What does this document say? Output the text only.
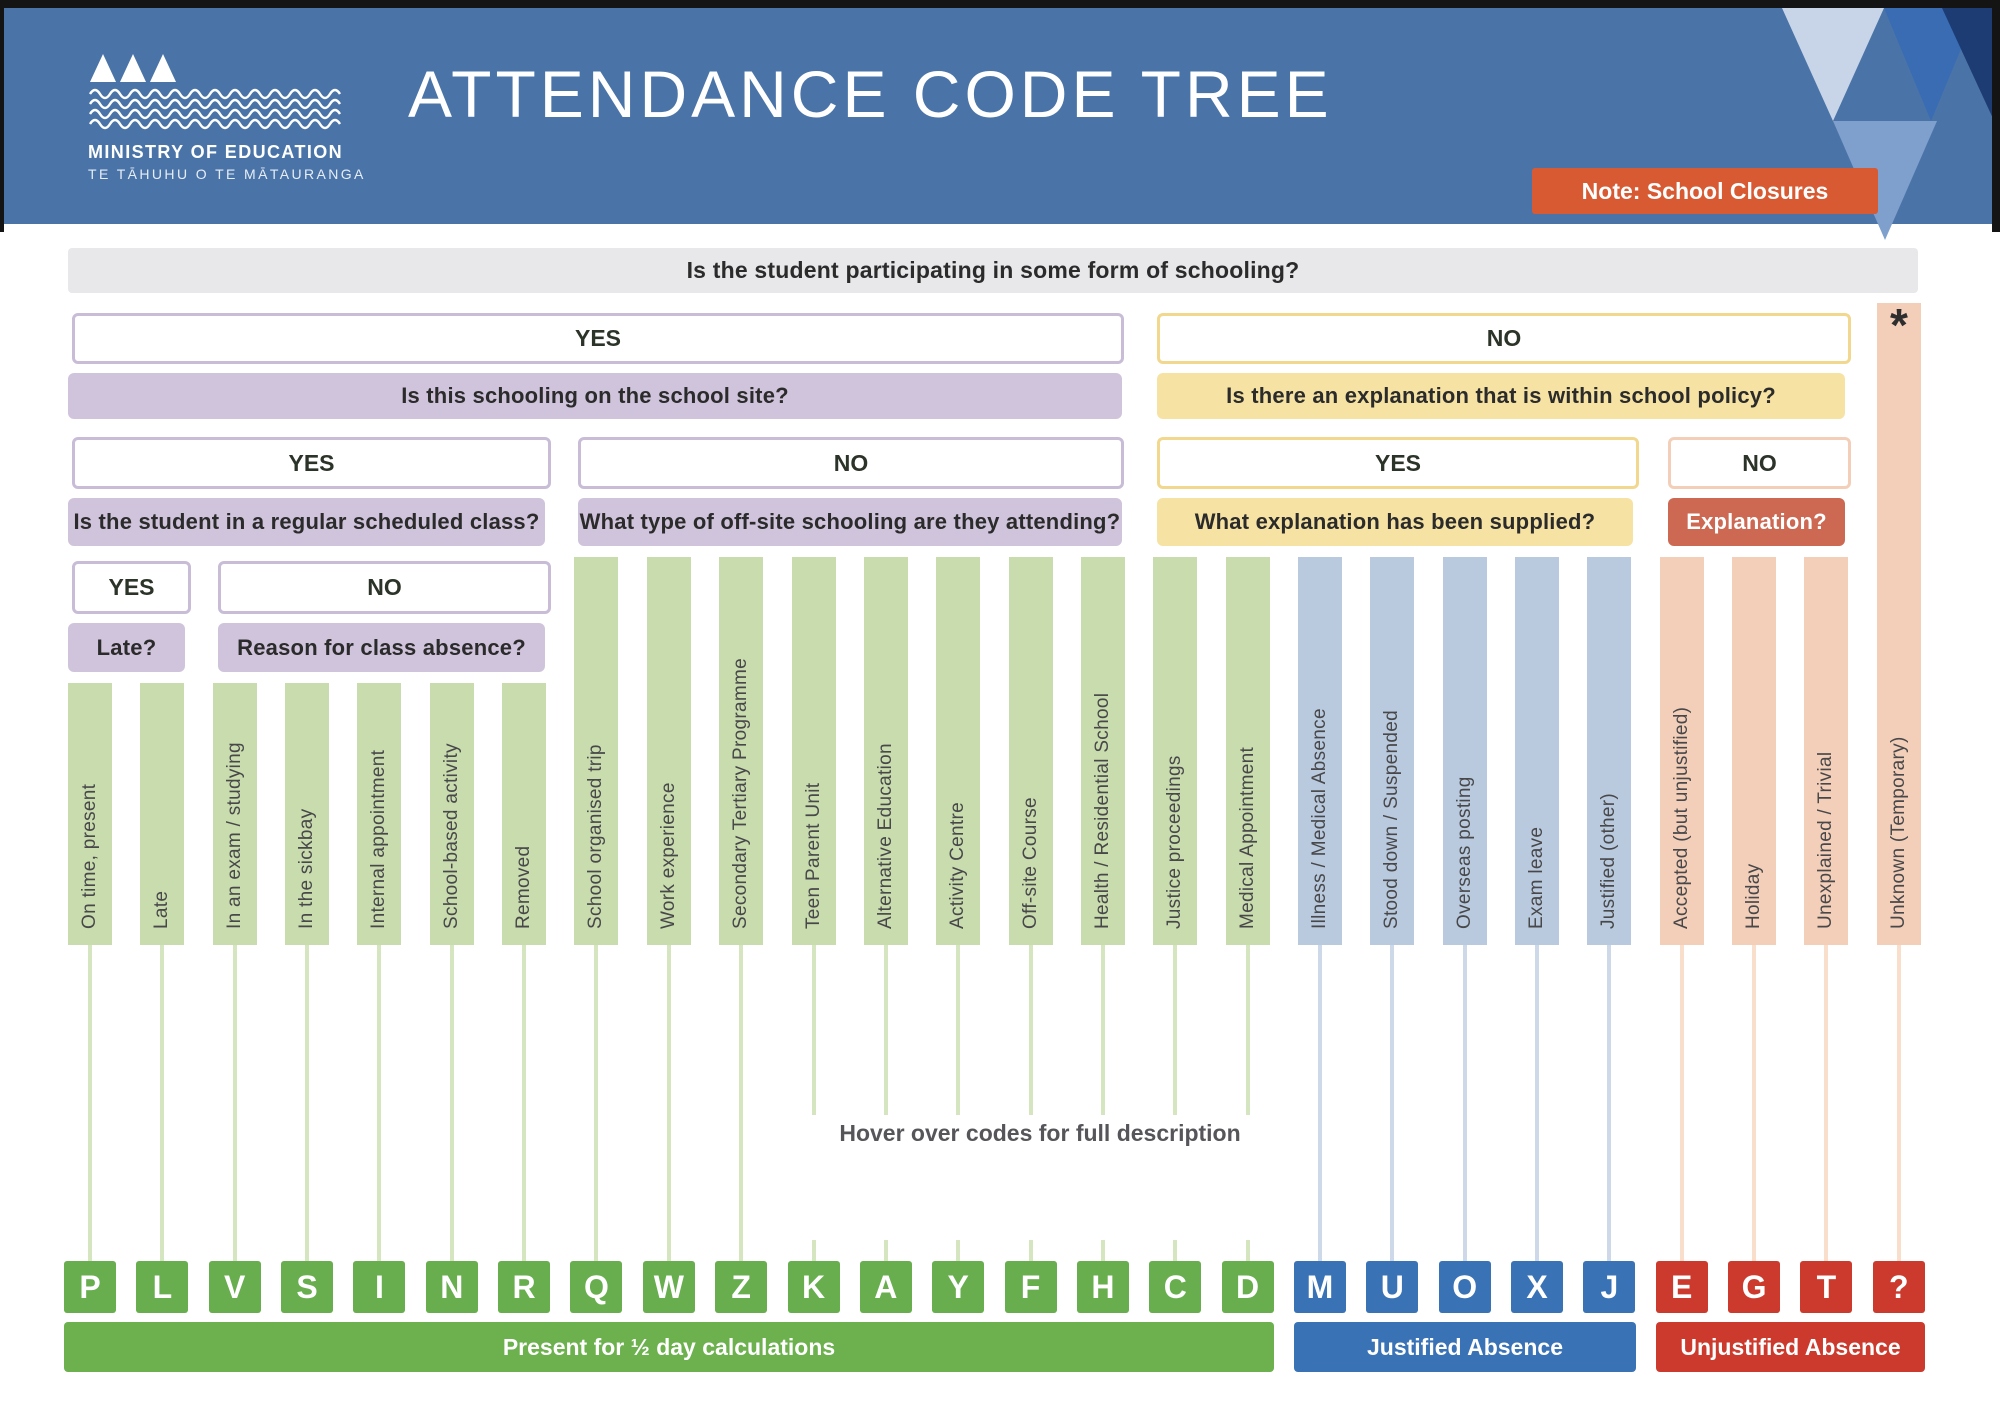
MINISTRY OF EDUCATION
TE TĀHUHU O TE MĀTAURANGA
ATTENDANCE CODE TREE
Note: School Closures
Is the student participating in some form of schooling?
YES	NO
Is this schooling on the school site?	Is there an explanation that is within school policy?
YES	NO	YES	NO
Is the student in a regular scheduled class? What type of off-site schooling are they attending?	What explanation has been supplied?	Explanation?
YES	NO
Late?	Reason for class absence?
On time, present
P
Late
L
In an exam / studying
V
In the sickbay
S
Internal appointment
I
School-based activity
N
Removed
R
School organised trip
Q
Work experience
W
Secondary Tertiary Programme
Z
Teen Parent Unit
K
Alternative Education
A
Activity Centre
Y
Off-site Course
F
Health / Residential School
H
Justice proceedings
C
Medical Appointment
D
Illness / Medical Absence
M
Stood down / Suspended
U
Overseas posting
O
Exam leave
X
Justified (other)
J
Accepted (but unjustified)
E
Holiday
G
Unexplained / Trivial
T
Unknown (Temporary)
?
*
Hover over codes for full description
Present for ½ day calculations	Justified Absence	Unjustified Absence
